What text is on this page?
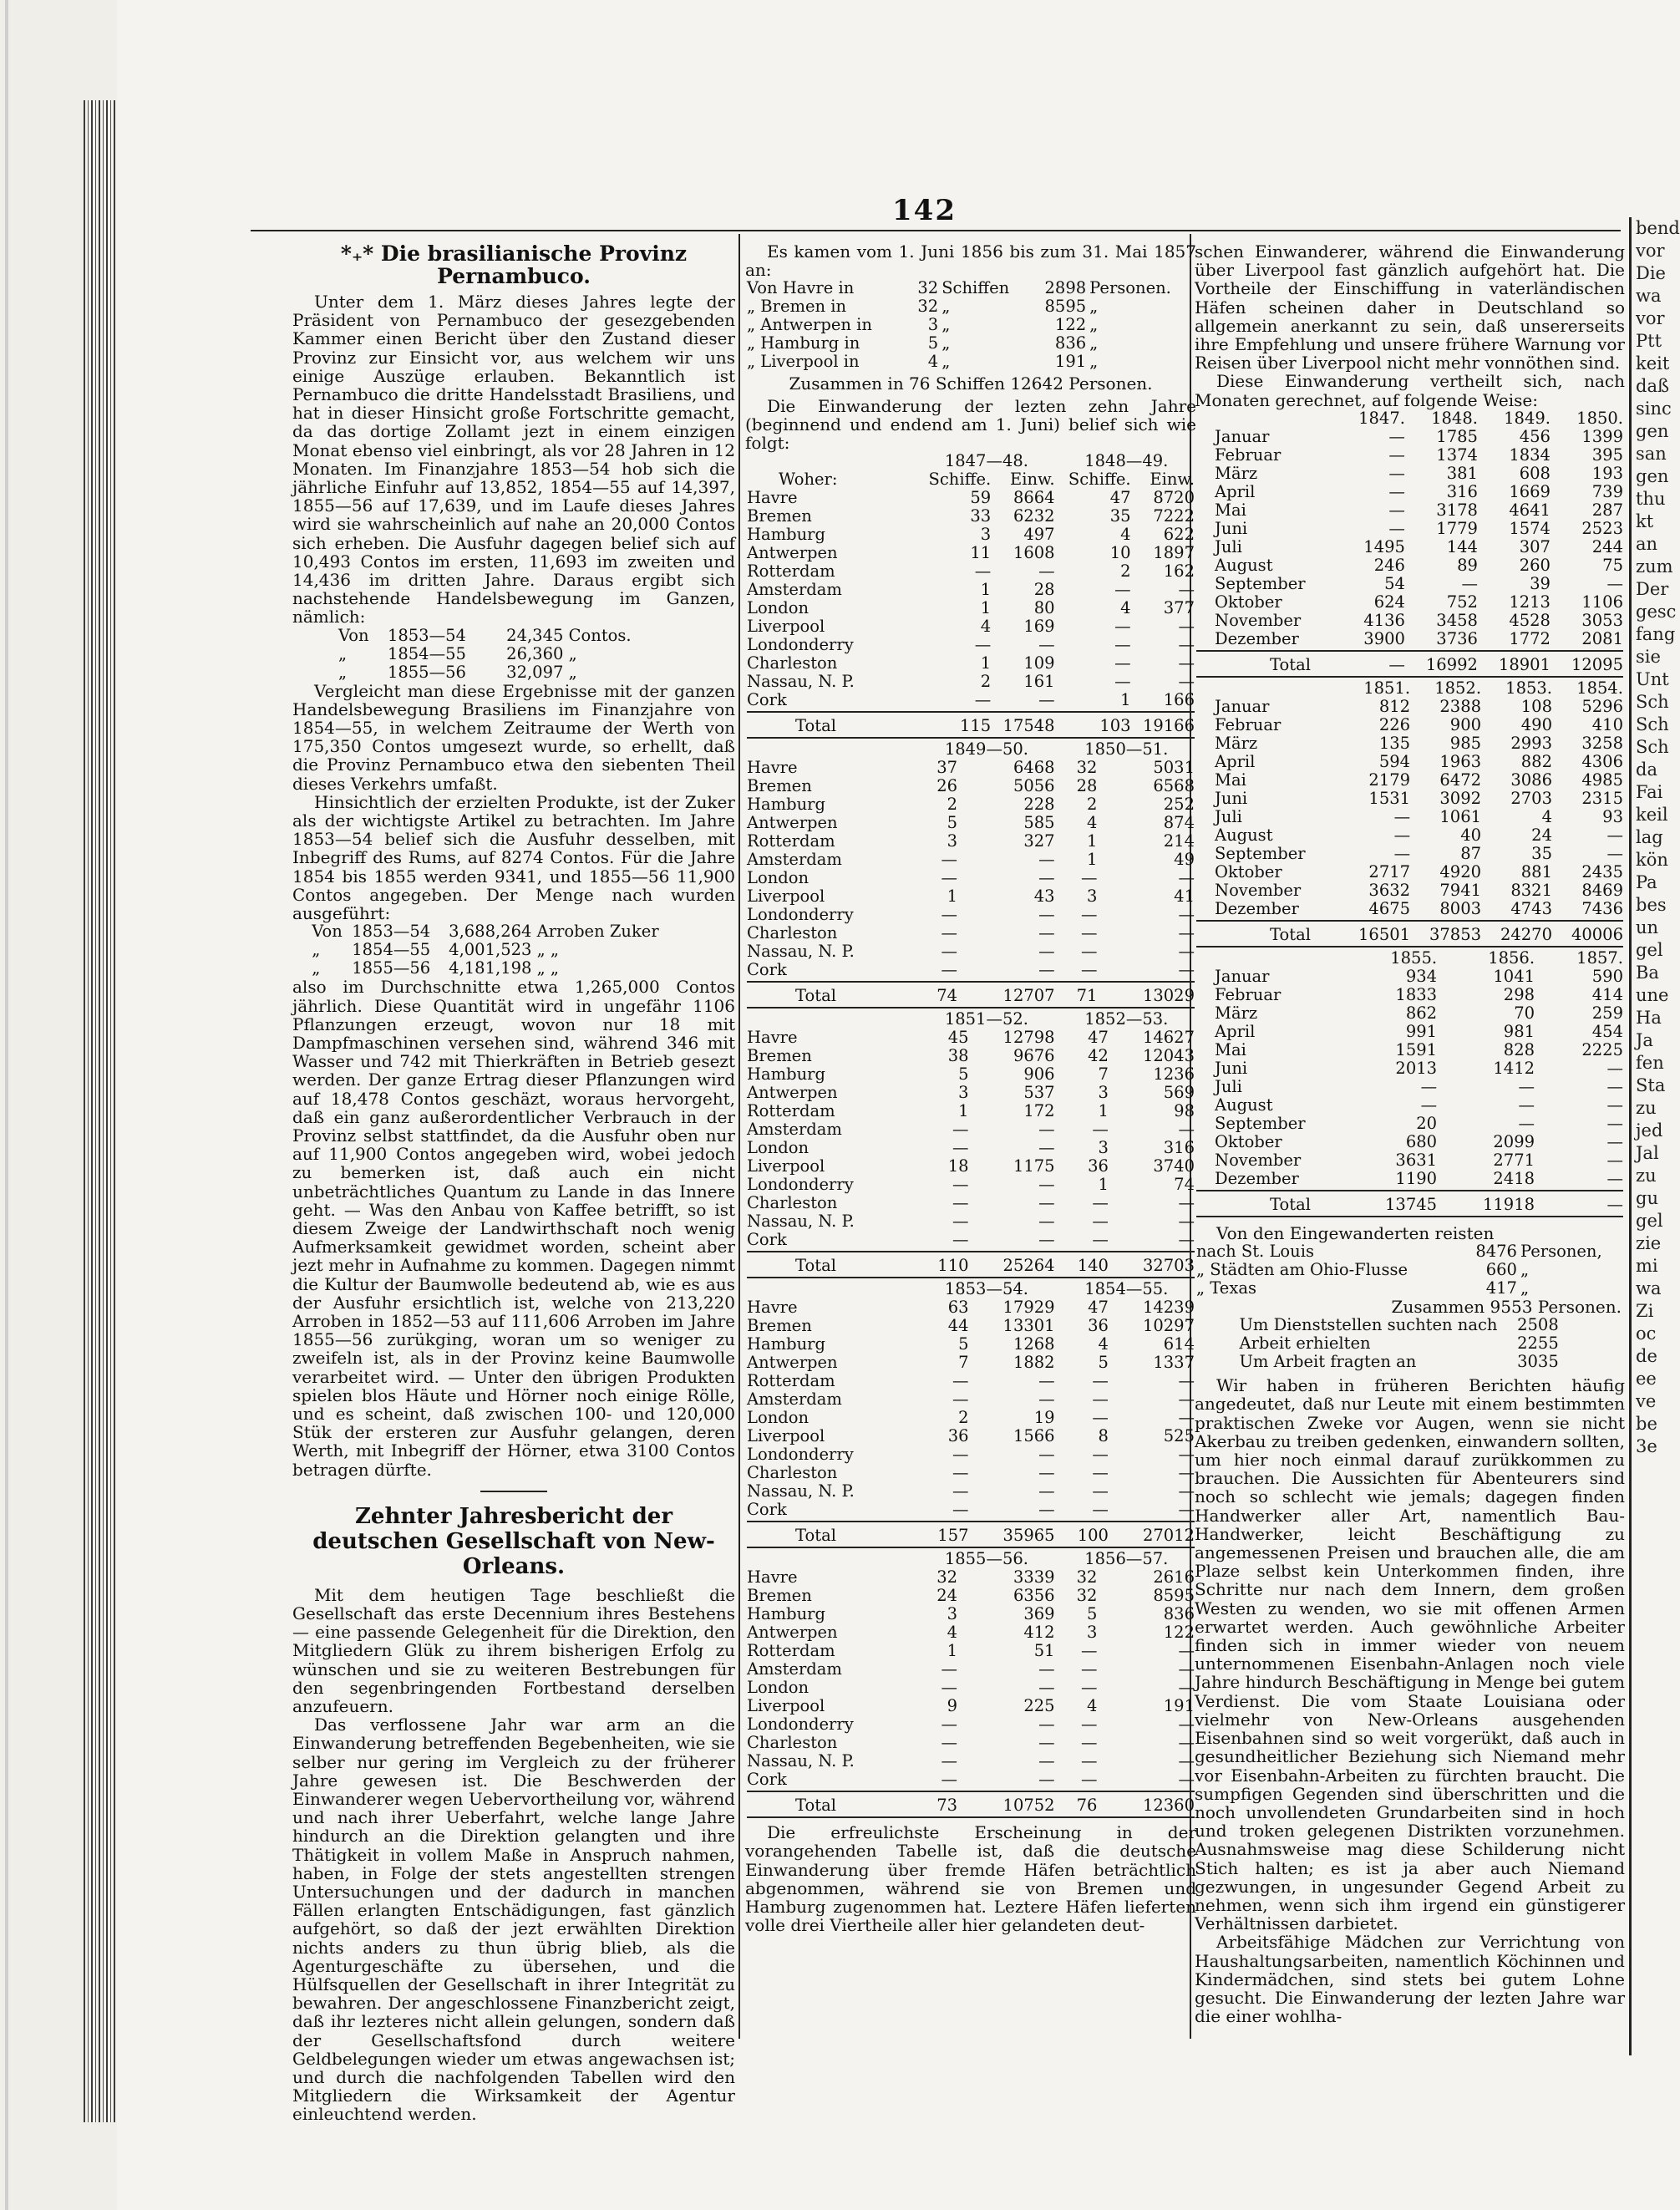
142
*₊* Die brasilianische Provinz Pernambuco.

Unter dem 1. März dieses Jahres legte der Präsident von Pernambuco der gesezgebenden Kammer einen Bericht über den Zustand dieser Provinz zur Einsicht vor, aus welchem wir uns einige Auszüge erlauben. Bekanntlich ist Pernambuco die dritte Handelsstadt Brasiliens, und hat in dieser Hinsicht große Fortschritte gemacht, da das dortige Zollamt jezt in einem einzigen Monat ebenso viel einbringt, als vor 28 Jahren in 12 Monaten. Im Finanzjahre 1853—54 hob sich die jährliche Einfuhr auf 13,852, 1854—55 auf 14,397, 1855—56 auf 17,639, und im Laufe dieses Jahres wird sie wahrscheinlich auf nahe an 20,000 Contos sich erheben. Die Ausfuhr dagegen belief sich auf 10,493 Contos im ersten, 11,693 im zweiten und 14,436 im dritten Jahre. Daraus ergibt sich nachstehende Handelsbewegung im Ganzen, nämlich:

Von	1853—54	24,345 Contos.
„	1854—55	26,360 „
„	1855—56	32,097 „

Vergleicht man diese Ergebnisse mit der ganzen Handelsbewegung Brasiliens im Finanzjahre von 1854—55, in welchem Zeitraume der Werth von 175,350 Contos umgesezt wurde, so erhellt, daß die Provinz Pernambuco etwa den siebenten Theil dieses Verkehrs umfaßt.

Hinsichtlich der erzielten Produkte, ist der Zuker als der wichtigste Artikel zu betrachten. Im Jahre 1853—54 belief sich die Ausfuhr desselben, mit Inbegriff des Rums, auf 8274 Contos. Für die Jahre 1854 bis 1855 werden 9341, und 1855—56 11,900 Contos angegeben. Der Menge nach wurden ausgeführt:

Von	1853—54	3,688,264 Arroben Zuker
„	1854—55	4,001,523 „ „
„	1855—56	4,181,198 „ „

also im Durchschnitte etwa 1,265,000 Contos jährlich. Diese Quantität wird in ungefähr 1106 Pflanzungen erzeugt, wovon nur 18 mit Dampfmaschinen versehen sind, während 346 mit Wasser und 742 mit Thierkräften in Betrieb gesezt werden. Der ganze Ertrag dieser Pflanzungen wird auf 18,478 Contos geschäzt, woraus hervorgeht, daß ein ganz außerordentlicher Verbrauch in der Provinz selbst stattfindet, da die Ausfuhr oben nur auf 11,900 Contos angegeben wird, wobei jedoch zu bemerken ist, daß auch ein nicht unbeträchtliches Quantum zu Lande in das Innere geht. — Was den Anbau von Kaffee betrifft, so ist diesem Zweige der Landwirthschaft noch wenig Aufmerksamkeit gewidmet worden, scheint aber jezt mehr in Aufnahme zu kommen. Dagegen nimmt die Kultur der Baumwolle bedeutend ab, wie es aus der Ausfuhr ersichtlich ist, welche von 213,220 Arroben in 1852—53 auf 111,606 Arroben im Jahre 1855—56 zurükging, woran um so weniger zu zweifeln ist, als in der Provinz keine Baumwolle verarbeitet wird. — Unter den übrigen Produkten spielen blos Häute und Hörner noch einige Rölle, und es scheint, daß zwischen 100- und 120,000 Stük der ersteren zur Ausfuhr gelangen, deren Werth, mit Inbegriff der Hörner, etwa 3100 Contos betragen dürfte.

Zehnter Jahresbericht der deutschen Gesellschaft von New-Orleans.

Mit dem heutigen Tage beschließt die Gesellschaft das erste Decennium ihres Bestehens — eine passende Gelegenheit für die Direktion, den Mitgliedern Glük zu ihrem bisherigen Erfolg zu wünschen und sie zu weiteren Bestrebungen für den segenbringenden Fortbestand derselben anzufeuern.

Das verflossene Jahr war arm an die Einwanderung betreffenden Begebenheiten, wie sie selber nur gering im Vergleich zu der früherer Jahre gewesen ist. Die Beschwerden der Einwanderer wegen Uebervortheilung vor, während und nach ihrer Ueberfahrt, welche lange Jahre hindurch an die Direktion gelangten und ihre Thätigkeit in vollem Maße in Anspruch nahmen, haben, in Folge der stets angestellten strengen Untersuchungen und der dadurch in manchen Fällen erlangten Entschädigungen, fast gänzlich aufgehört, so daß der jezt erwählten Direktion nichts anders zu thun übrig blieb, als die Agenturgeschäfte zu übersehen, und die Hülfsquellen der Gesellschaft in ihrer Integrität zu bewahren. Der angeschlossene Finanzbericht zeigt, daß ihr lezteres nicht allein gelungen, sondern daß der Gesellschaftsfond durch weitere Geldbelegungen wieder um etwas angewachsen ist; und durch die nachfolgenden Tabellen wird den Mitgliedern die Wirksamkeit der Agentur einleuchtend werden.

Es kamen vom 1. Juni 1856 bis zum 31. Mai 1857 an:

Von Havre in	32	Schiffen	2898	Personen.
„ Bremen in	32	„	8595	„
„ Antwerpen in	3	„	122	„
„ Hamburg in	5	„	836	„
„ Liverpool in	4	„	191	„
Zusammen in 76 Schiffen 12642 Personen.

Die Einwanderung der lezten zehn Jahre (beginnend und endend am 1. Juni) belief sich wie folgt:

	1847—48.		1848—49.	
Woher:	Schiffe.	Einw.	Schiffe.	Einw.
Havre	59	8664	47	8720
Bremen	33	6232	35	7222
Hamburg	3	497	4	622
Antwerpen	11	1608	10	1897
Rotterdam	—	—	2	162
Amsterdam	1	28	—	—
London	1	80	4	377
Liverpool	4	169	—	—
Londonderry	—	—	—	—
Charleston	1	109	—	—
Nassau, N. P.	2	161	—	—
Cork	—	—	1	166

Total	115	17548	103	19166

	1849—50.		1850—51.	
Havre	37	6468	32	5031
Bremen	26	5056	28	6568
Hamburg	2	228	2	252
Antwerpen	5	585	4	874
Rotterdam	3	327	1	214
Amsterdam	—	—	1	49
London	—	—	—	—
Liverpool	1	43	3	41
Londonderry	—	—	—	—
Charleston	—	—	—	—
Nassau, N. P.	—	—	—	—
Cork	—	—	—	—

Total	74	12707	71	13029

	1851—52.		1852—53.	
Havre	45	12798	47	14627
Bremen	38	9676	42	12043
Hamburg	5	906	7	1236
Antwerpen	3	537	3	569
Rotterdam	1	172	1	98
Amsterdam	—	—	—	—
London	—	—	3	316
Liverpool	18	1175	36	3740
Londonderry	—	—	1	74
Charleston	—	—	—	—
Nassau, N. P.	—	—	—	—
Cork	—	—	—	—

Total	110	25264	140	32703

	1853—54.		1854—55.	
Havre	63	17929	47	14239
Bremen	44	13301	36	10297
Hamburg	5	1268	4	614
Antwerpen	7	1882	5	1337
Rotterdam	—	—	—	—
Amsterdam	—	—	—	—
London	2	19	—	—
Liverpool	36	1566	8	525
Londonderry	—	—	—	—
Charleston	—	—	—	—
Nassau, N. P.	—	—	—	—
Cork	—	—	—	—

Total	157	35965	100	27012

	1855—56.		1856—57.	
Havre	32	3339	32	2616
Bremen	24	6356	32	8595
Hamburg	3	369	5	836
Antwerpen	4	412	3	122
Rotterdam	1	51	—	—
Amsterdam	—	—	—	—
London	—	—	—	—
Liverpool	9	225	4	191
Londonderry	—	—	—	—
Charleston	—	—	—	—
Nassau, N. P.	—	—	—	—
Cork	—	—	—	—

Total	73	10752	76	12360

Die erfreulichste Erscheinung in der vorangehenden Tabelle ist, daß die deutsche Einwanderung über fremde Häfen beträchtlich abgenommen, während sie von Bremen und Hamburg zugenommen hat. Leztere Häfen lieferten volle drei Viertheile aller hier gelandeten deut-

schen Einwanderer, während die Einwanderung über Liverpool fast gänzlich aufgehört hat. Die Vortheile der Einschiffung in vaterländischen Häfen scheinen daher in Deutschland so allgemein anerkannt zu sein, daß unsererseits ihre Empfehlung und unsere frühere Warnung vor Reisen über Liverpool nicht mehr vonnöthen sind.

Diese Einwanderung vertheilt sich, nach Monaten gerechnet, auf folgende Weise:

	1847.	1848.	1849.	1850.
Januar	—	1785	456	1399
Februar	—	1374	1834	395
März	—	381	608	193
April	—	316	1669	739
Mai	—	3178	4641	287
Juni	—	1779	1574	2523
Juli	1495	144	307	244
August	246	89	260	75
September	54	—	39	—
Oktober	624	752	1213	1106
November	4136	3458	4528	3053
Dezember	3900	3736	1772	2081

Total	—	16992	18901	12095

	1851.	1852.	1853.	1854.
Januar	812	2388	108	5296
Februar	226	900	490	410
März	135	985	2993	3258
April	594	1963	882	4306
Mai	2179	6472	3086	4985
Juni	1531	3092	2703	2315
Juli	—	1061	4	93
August	—	40	24	—
September	—	87	35	—
Oktober	2717	4920	881	2435
November	3632	7941	8321	8469
Dezember	4675	8003	4743	7436

Total	16501	37853	24270	40006

	1855.	1856.	1857.
Januar	934	1041	590
Februar	1833	298	414
März	862	70	259
April	991	981	454
Mai	1591	828	2225
Juni	2013	1412	—
Juli	—	—	—
August	—	—	—
September	20	—	—
Oktober	680	2099	—
November	3631	2771	—
Dezember	1190	2418	—

Total	13745	11918	—

Von den Eingewanderten reisten

nach St. Louis	8476	Personen,
„ Städten am Ohio-Flusse	660	„
„ Texas	417	„
Zusammen 9553 Personen.
Um Dienststellen suchten nach	2508
Arbeit erhielten	2255
Um Arbeit fragten an	3035

Wir haben in früheren Berichten häufig angedeutet, daß nur Leute mit einem bestimmten praktischen Zweke vor Augen, wenn sie nicht Akerbau zu treiben gedenken, einwandern sollten, um hier noch einmal darauf zurükkommen zu brauchen. Die Aussichten für Abenteurers sind noch so schlecht wie jemals; dagegen finden Handwerker aller Art, namentlich Bau-Handwerker, leicht Beschäftigung zu angemessenen Preisen und brauchen alle, die am Plaze selbst kein Unterkommen finden, ihre Schritte nur nach dem Innern, dem großen Westen zu wenden, wo sie mit offenen Armen erwartet werden. Auch gewöhnliche Arbeiter finden sich in immer wieder von neuem unternommenen Eisenbahn-Anlagen noch viele Jahre hindurch Beschäftigung in Menge bei gutem Verdienst. Die vom Staate Louisiana oder vielmehr von New-Orleans ausgehenden Eisenbahnen sind so weit vorgerükt, daß auch in gesundheitlicher Beziehung sich Niemand mehr vor Eisenbahn-Arbeiten zu fürchten braucht. Die sumpfigen Gegenden sind überschritten und die noch unvollendeten Grundarbeiten sind in hoch und troken gelegenen Distrikten vorzunehmen. Ausnahmsweise mag diese Schilderung nicht Stich halten; es ist ja aber auch Niemand gezwungen, in ungesunder Gegend Arbeit zu nehmen, wenn sich ihm irgend ein günstigerer Verhältnissen darbietet.

Arbeitsfähige Mädchen zur Verrichtung von Haushaltungsarbeiten, namentlich Köchinnen und Kindermädchen, sind stets bei gutem Lohne gesucht. Die Einwanderung der lezten Jahre war die einer wohlha-

bend
vor
Die
wa
vor
Ptt
keit
daß
sinc
gen
san
gen
thu
kt
an
zum
Der
gesc
fang
sie
Unt
Sch
Sch
Sch
da
Fai
keil
lag
kön
Pa
bes
un
gel
Ba
une
Ha
Ja
fen
Sta
zu
jed
Jal
zu
gu
gel
zie
mi
wa
Zi
oc
de
ee
ve
be
3e
